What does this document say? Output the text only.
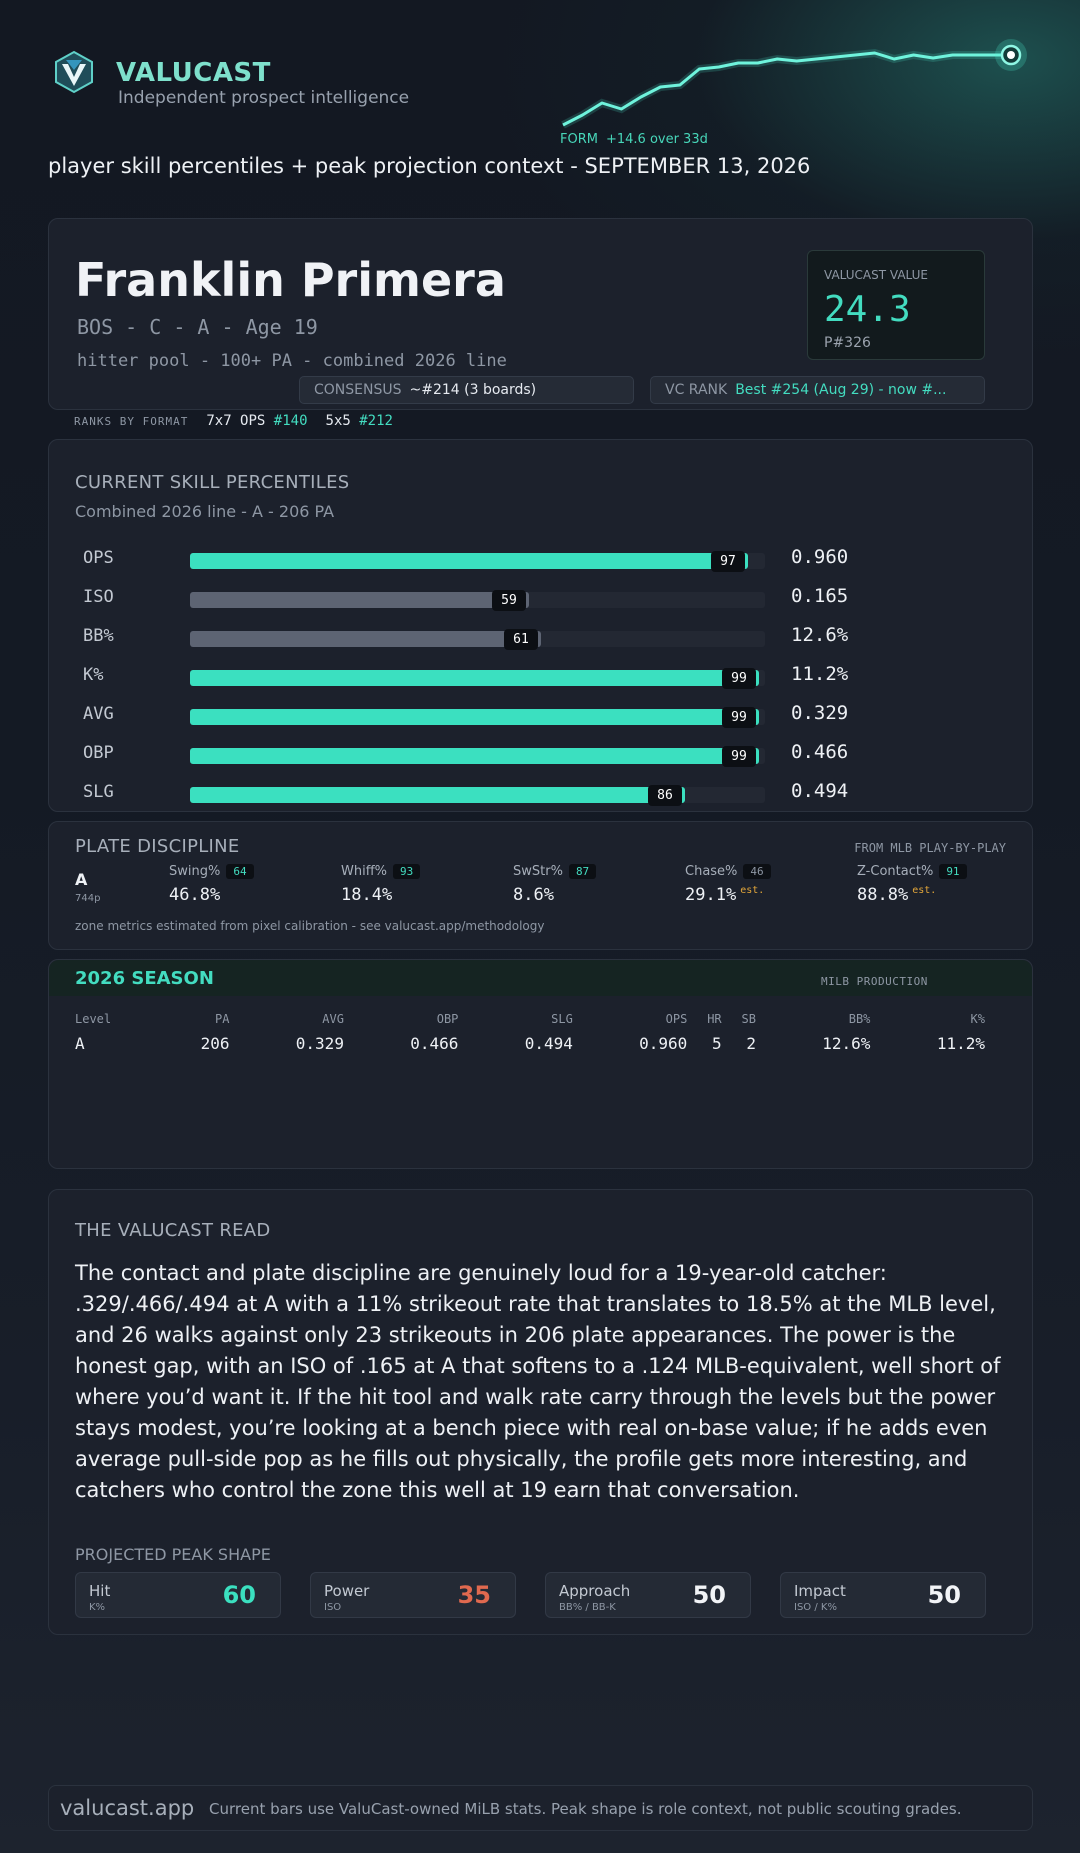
VALUCAST
Independent prospect intelligence
FORM +14.6 over 33d
player skill percentiles + peak projection context - SEPTEMBER 13, 2026
Franklin Primera
BOS - C - A - Age 19
hitter pool - 100+ PA - combined 2026 line
VALUCAST VALUE
24.3
P#326
CONSENSUS ~#214 (3 boards)	VC RANK Best #254 (Aug 29) - now #...
RANKS BY FORMAT 7x7 OPS #140 5x5 #212
CURRENT SKILL PERCENTILES
Combined 2026 line - A - 206 PA
OPS	97	0.960
ISO	59	0.165
BB%	61	12.6%
K%	99	11.2%
AVG	99	0.329
OBP	99	0.466
SLG	86	0.494
PLATE DISCIPLINE	FROM MLB PLAY-BY-PLAY
A
744p
Swing% 64
46.8%
Whiff% 93
18.4%
SwStr% 87
8.6%
Chase% 46
29.1% $^{est.}$
Z-Contact% 91
88.8% $^{est.}$
zone metrics estimated from pixel calibration - see valucast.app/methodology
2026 SEASON	MILB PRODUCTION
Level	PA	AVG	OBP	SLG	OPS	HR	SB	BB%	K%
A	206	0.329	0.466	0.494	0.960	5	2	12.6%	11.2%
THE VALUCAST READ
The contact and plate discipline are genuinely loud for a 19-year-old catcher: .329/.466/.494 at A with a 11% strikeout rate that translates to 18.5% at the MLB level, and 26 walks against only 23 strikeouts in 206 plate appearances. The power is the honest gap, with an ISO of .165 at A that softens to a .124 MLB-equivalent, well short of where you’d want it. If the hit tool and walk rate carry through the levels but the power stays modest, you’re looking at a bench piece with real on-base value; if he adds even average pull-side pop as he fills out physically, the profile gets more interesting, and catchers who control the zone this well at 19 earn that conversation.
PROJECTED PEAK SHAPE
Hit
K%	60	Power
ISO	35	Approach
BB% / BB-K	50	Impact
ISO / K%	50
valucast.app Current bars use ValuCast-owned MiLB stats. Peak shape is role context, not public scouting grades.
